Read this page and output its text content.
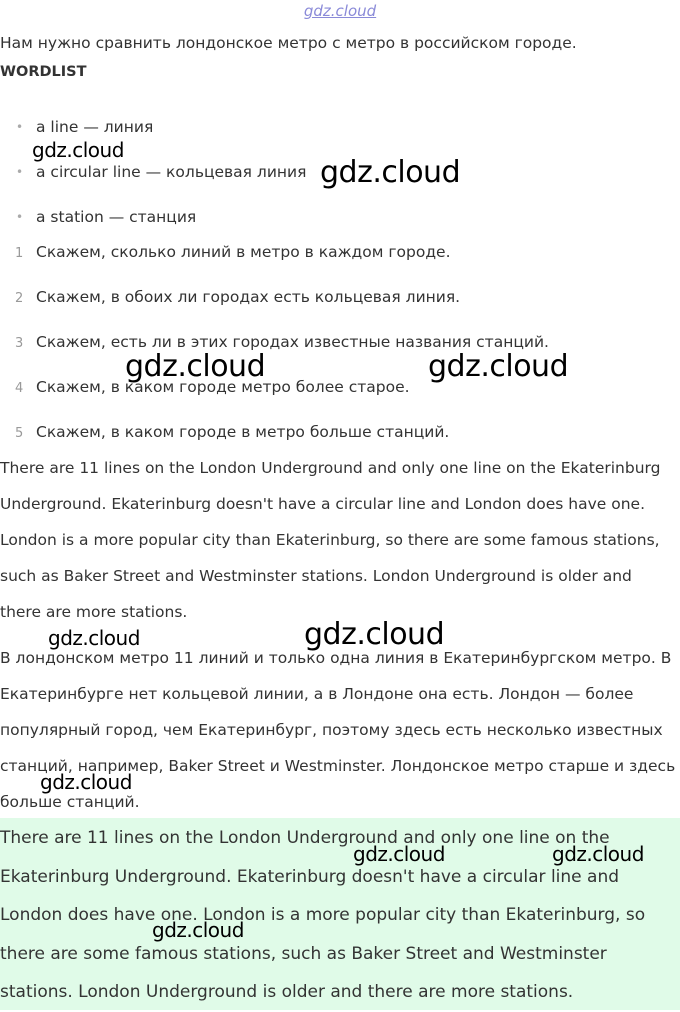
gdz.cloud
Нам нужно сравнить лондонское метро с метро в российском городе.
WORDLIST
• a line — линия
• a circular line — кольцевая линия
• a station — станция
1 Скажем, сколько линий в метро в каждом городе.
2 Скажем, в обоих ли городах есть кольцевая линия.
3 Скажем, есть ли в этих городах известные названия станций.
4 Скажем, в каком городе метро более старое.
5 Скажем, в каком городе в метро больше станций.
There are 11 lines on the London Underground and only one line on the Ekaterinburg Underground. Ekaterinburg doesn't have a circular line and London does have one. London is a more popular city than Ekaterinburg, so there are some famous stations, such as Baker Street and Westminster stations. London Underground is older and there are more stations.
В лондонском метро 11 линий и только одна линия в Екатеринбургском метро. В Екатеринбурге нет кольцевой линии, а в Лондоне она есть. Лондон — более популярный город, чем Екатеринбург, поэтому здесь есть несколько известных станций, например, Baker Street и Westminster. Лондонское метро старше и здесь больше станций.
There are 11 lines on the London Underground and only one line on the Ekaterinburg Underground. Ekaterinburg doesn't have a circular line and London does have one. London is a more popular city than Ekaterinburg, so there are some famous stations, such as Baker Street and Westminster stations. London Underground is older and there are more stations.
gdz.cloud
gdz.cloud
gdz.cloud	gdz.cloud
gdz.cloud	gdz.cloud
gdz.cloud
gdz.cloud	gdz.cloud
gdz.cloud
